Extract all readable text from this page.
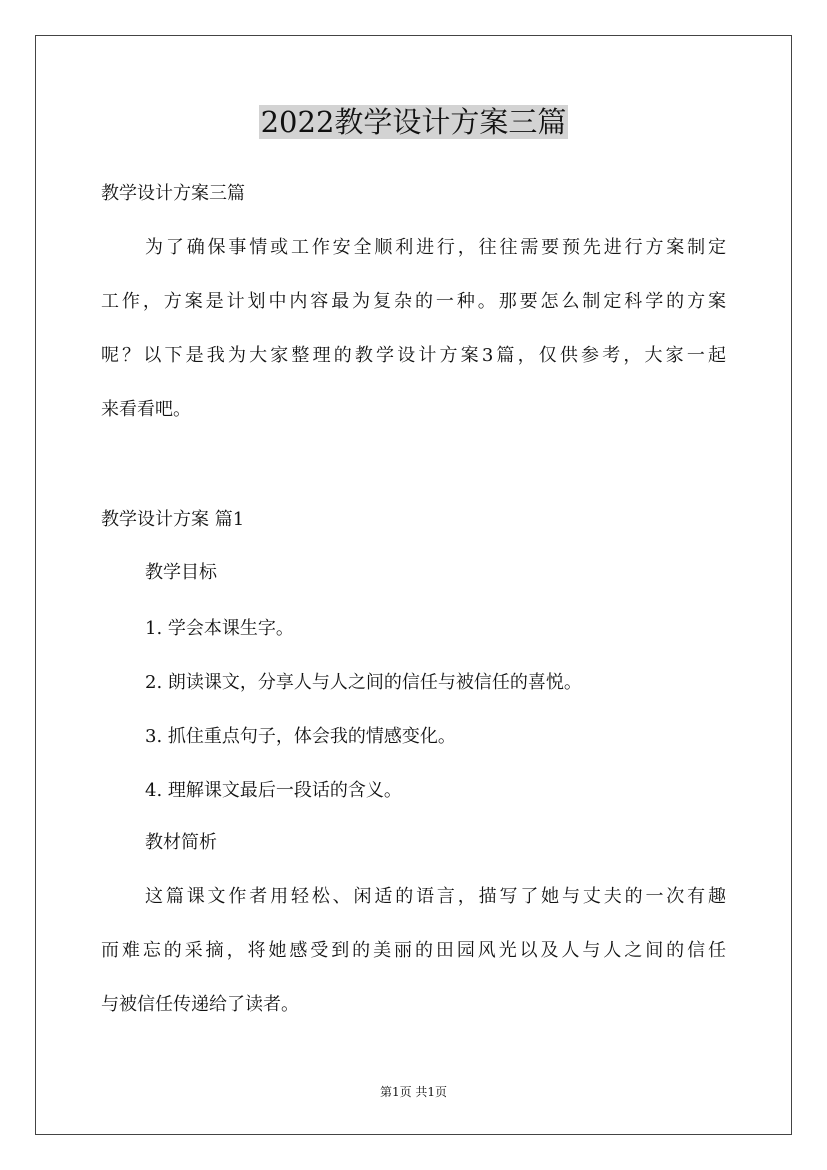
2022教学设计方案三篇
教学设计方案三篇
为了确保事情或工作安全顺利进行，往往需要预先进行方案制定
工作，方案是计划中内容最为复杂的一种。那要怎么制定科学的方案
呢？以下是我为大家整理的教学设计方案3篇，仅供参考，大家一起
来看看吧。
教学设计方案 篇1
教学目标
1. 学会本课生字。
2. 朗读课文，分享人与人之间的信任与被信任的喜悦。
3. 抓住重点句子，体会我的情感变化。
4. 理解课文最后一段话的含义。
教材简析
这篇课文作者用轻松、闲适的语言，描写了她与丈夫的一次有趣
而难忘的采摘，将她感受到的美丽的田园风光以及人与人之间的信任
与被信任传递给了读者。
第1页 共1页
